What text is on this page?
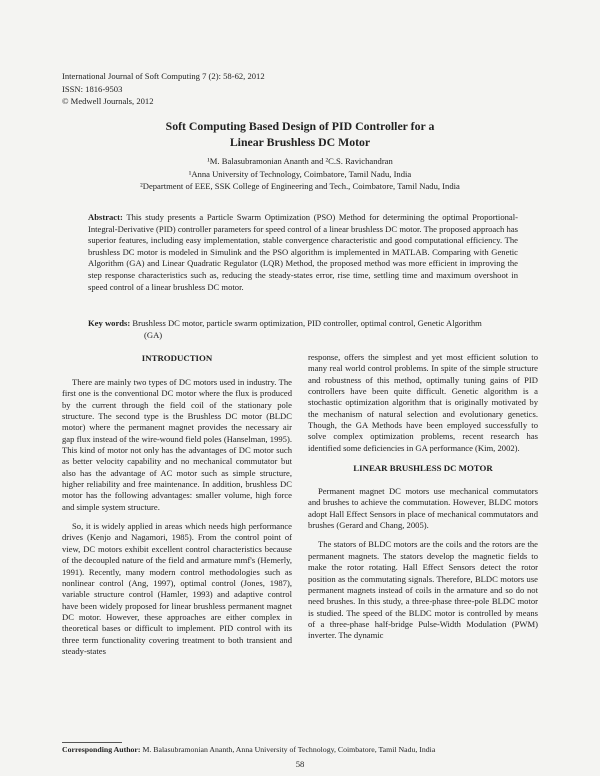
International Journal of Soft Computing 7 (2): 58-62, 2012
ISSN: 1816-9503
© Medwell Journals, 2012
Soft Computing Based Design of PID Controller for a
Linear Brushless DC Motor
¹M. Balasubramonian Ananth and ²C.S. Ravichandran
¹Anna University of Technology, Coimbatore, Tamil Nadu, India
²Department of EEE, SSK College of Engineering and Tech., Coimbatore, Tamil Nadu, India
Abstract: This study presents a Particle Swarm Optimization (PSO) Method for determining the optimal Proportional-Integral-Derivative (PID) controller parameters for speed control of a linear brushless DC motor. The proposed approach has superior features, including easy implementation, stable convergence characteristic and good computational efficiency. The brushless DC motor is modeled in Simulink and the PSO algorithm is implemented in MATLAB. Comparing with Genetic Algorithm (GA) and Linear Quadratic Regulator (LQR) Method, the proposed method was more efficient in improving the step response characteristics such as, reducing the steady-states error, rise time, settling time and maximum overshoot in speed control of a linear brushless DC motor.
Key words: Brushless DC motor, particle swarm optimization, PID controller, optimal control, Genetic Algorithm
(GA)
INTRODUCTION

There are mainly two types of DC motors used in industry. The first one is the conventional DC motor where the flux is produced by the current through the field coil of the stationary pole structure. The second type is the Brushless DC motor (BLDC motor) where the permanent magnet provides the necessary air gap flux instead of the wire-wound field poles (Hanselman, 1995). This kind of motor not only has the advantages of DC motor such as better velocity capability and no mechanical commutator but also has the advantage of AC motor such as simple structure, higher reliability and free maintenance. In addition, brushless DC motor has the following advantages: smaller volume, high force and simple system structure.

So, it is widely applied in areas which needs high performance drives (Kenjo and Nagamori, 1985). From the control point of view, DC motors exhibit excellent control characteristics because of the decoupled nature of the field and armature mmf's (Hemerly, 1991). Recently, many modern control methodologies such as nonlinear control (Ang, 1997), optimal control (Jones, 1987), variable structure control (Hamler, 1993) and adaptive control have been widely proposed for linear brushless permanent magnet DC motor. However, these approaches are either complex in theoretical bases or difficult to implement. PID control with its three term functionality covering treatment to both transient and steady-states

response, offers the simplest and yet most efficient solution to many real world control problems. In spite of the simple structure and robustness of this method, optimally tuning gains of PID controllers have been quite difficult. Genetic algorithm is a stochastic optimization algorithm that is originally motivated by the mechanism of natural selection and evolutionary genetics. Though, the GA Methods have been employed successfully to solve complex optimization problems, recent research has identified some deficiencies in GA performance (Kim, 2002).

LINEAR BRUSHLESS DC MOTOR

Permanent magnet DC motors use mechanical commutators and brushes to achieve the commutation. However, BLDC motors adopt Hall Effect Sensors in place of mechanical commutators and brushes (Gerard and Chang, 2005).

The stators of BLDC motors are the coils and the rotors are the permanent magnets. The stators develop the magnetic fields to make the rotor rotating. Hall Effect Sensors detect the rotor position as the commutating signals. Therefore, BLDC motors use permanent magnets instead of coils in the armature and so do not need brushes. In this study, a three-phase three-pole BLDC motor is studied. The speed of the BLDC motor is controlled by means of a three-phase half-bridge Pulse-Width Modulation (PWM) inverter. The dynamic

Corresponding Author: M. Balasubramonian Ananth, Anna University of Technology, Coimbatore, Tamil Nadu, India
58
